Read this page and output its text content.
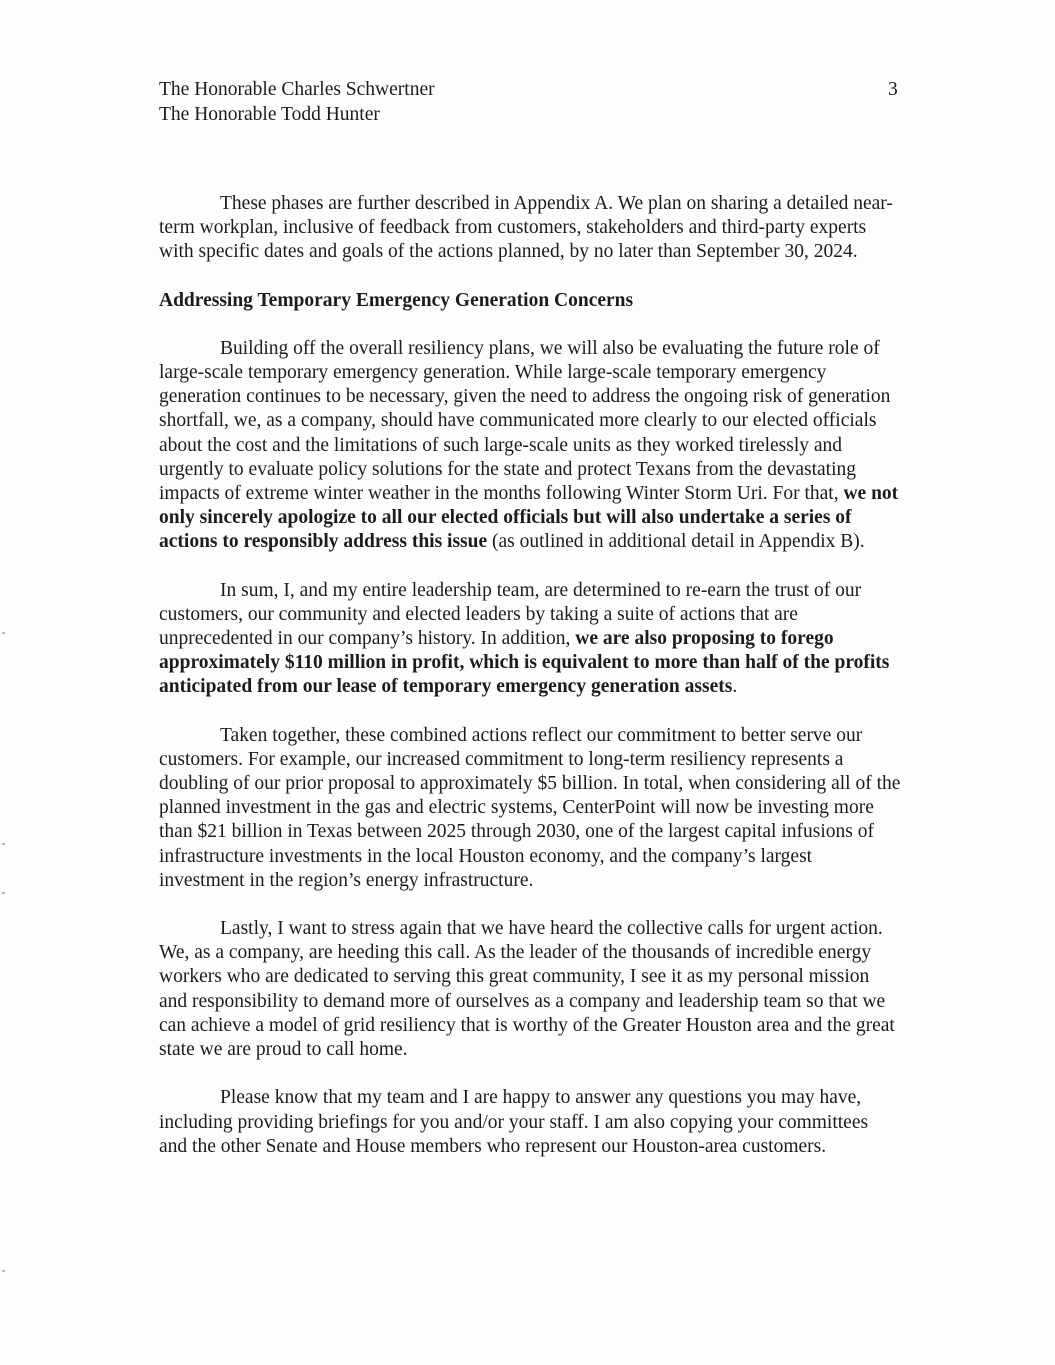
The Honorable Charles Schwertner
The Honorable Todd Hunter
3

These phases are further described in Appendix A. We plan on sharing a detailed near-term workplan, inclusive of feedback from customers, stakeholders and third-party experts with specific dates and goals of the actions planned, by no later than September 30, 2024.

Addressing Temporary Emergency Generation Concerns

Building off the overall resiliency plans, we will also be evaluating the future role of large-scale temporary emergency generation. While large-scale temporary emergency generation continues to be necessary, given the need to address the ongoing risk of generation shortfall, we, as a company, should have communicated more clearly to our elected officials about the cost and the limitations of such large-scale units as they worked tirelessly and urgently to evaluate policy solutions for the state and protect Texans from the devastating impacts of extreme winter weather in the months following Winter Storm Uri. For that, we not only sincerely apologize to all our elected officials but will also undertake a series of actions to responsibly address this issue (as outlined in additional detail in Appendix B).

In sum, I, and my entire leadership team, are determined to re-earn the trust of our customers, our community and elected leaders by taking a suite of actions that are unprecedented in our company’s history. In addition, we are also proposing to forego approximately $110 million in profit, which is equivalent to more than half of the profits anticipated from our lease of temporary emergency generation assets.

Taken together, these combined actions reflect our commitment to better serve our customers. For example, our increased commitment to long-term resiliency represents a doubling of our prior proposal to approximately $5 billion. In total, when considering all of the planned investment in the gas and electric systems, CenterPoint will now be investing more than $21 billion in Texas between 2025 through 2030, one of the largest capital infusions of infrastructure investments in the local Houston economy, and the company’s largest investment in the region’s energy infrastructure.

Lastly, I want to stress again that we have heard the collective calls for urgent action. We, as a company, are heeding this call. As the leader of the thousands of incredible energy workers who are dedicated to serving this great community, I see it as my personal mission and responsibility to demand more of ourselves as a company and leadership team so that we can achieve a model of grid resiliency that is worthy of the Greater Houston area and the great state we are proud to call home.

Please know that my team and I are happy to answer any questions you may have, including providing briefings for you and/or your staff. I am also copying your committees and the other Senate and House members who represent our Houston-area customers.
